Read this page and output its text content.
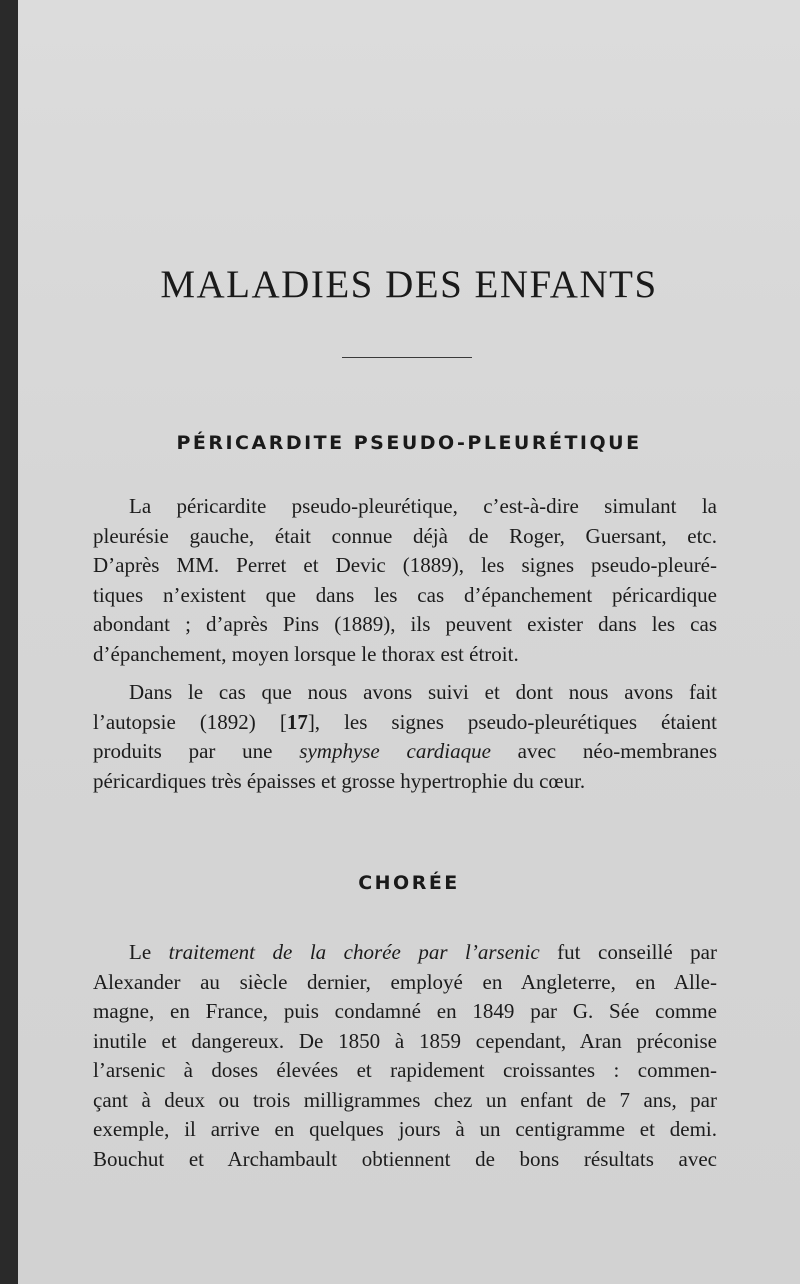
MALADIES DES ENFANTS
PÉRICARDITE PSEUDO-PLEURÉTIQUE
La péricardite pseudo-pleurétique, c’est-à-dire simulant la
pleurésie gauche, était connue déjà de Roger, Guersant, etc.
D’après MM. Perret et Devic (1889), les signes pseudo-pleuré-
tiques n’existent que dans les cas d’épanchement péricardique
abondant ; d’après Pins (1889), ils peuvent exister dans les cas
d’épanchement, moyen lorsque le thorax est étroit.
Dans le cas que nous avons suivi et dont nous avons fait
l’autopsie (1892) [17], les signes pseudo-pleurétiques étaient
produits par une symphyse cardiaque avec néo-membranes
péricardiques très épaisses et grosse hypertrophie du cœur.
CHORÉE
Le traitement de la chorée par l’arsenic fut conseillé par
Alexander au siècle dernier, employé en Angleterre, en Alle-
magne, en France, puis condamné en 1849 par G. Sée comme
inutile et dangereux. De 1850 à 1859 cependant, Aran préconise
l’arsenic à doses élevées et rapidement croissantes : commen-
çant à deux ou trois milligrammes chez un enfant de 7 ans, par
exemple, il arrive en quelques jours à un centigramme et demi.
Bouchut et Archambault obtiennent de bons résultats avec
